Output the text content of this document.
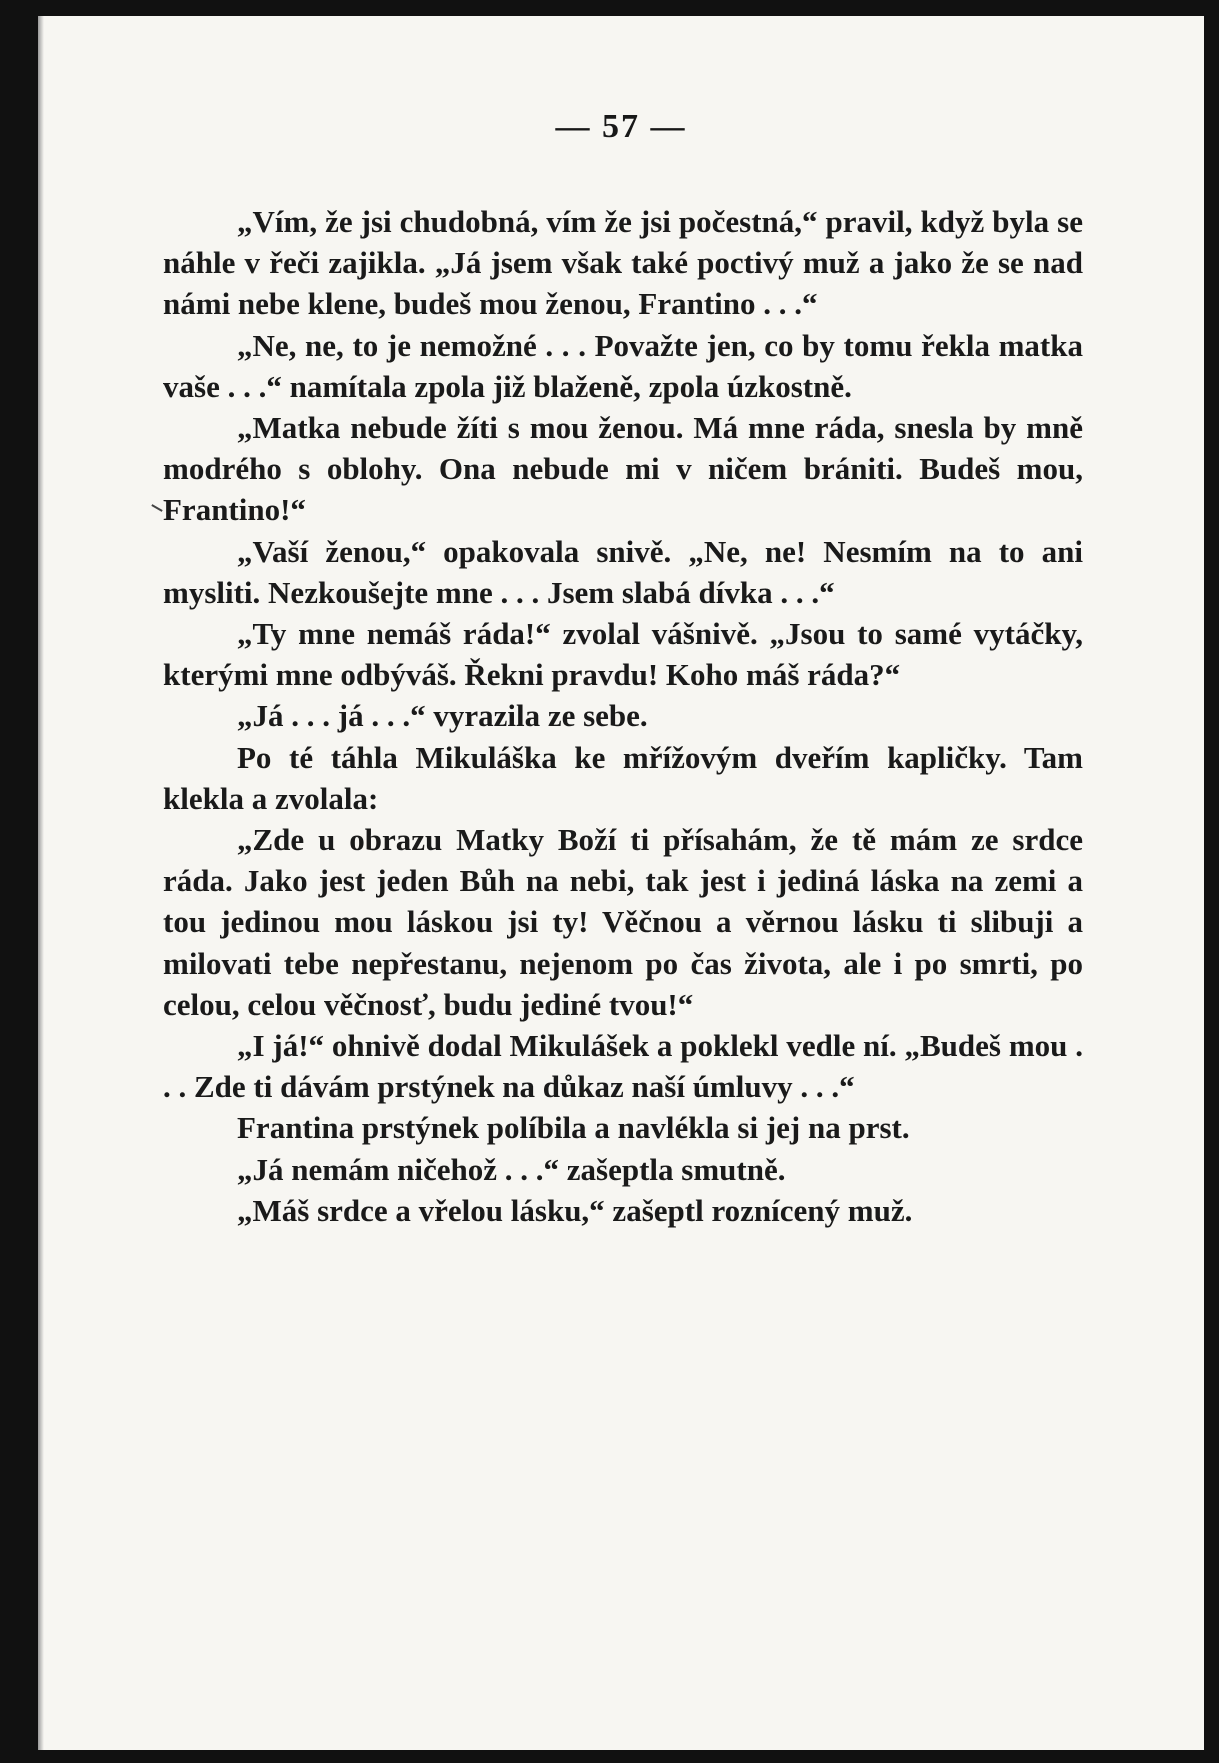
— 57 —

„Vím, že jsi chudobná, vím že jsi počestná,“ pravil, když byla se náhle v řeči zajikla. „Já jsem však také poctivý muž a jako že se nad námi nebe klene, budeš mou ženou, Frantino . . .“

„Ne, ne, to je nemožné . . . Považte jen, co by tomu řekla matka vaše . . .“ namítala zpola již blaženě, zpola úzkostně.

„Matka nebude žíti s mou ženou. Má mne ráda, snesla by mně modrého s oblohy. Ona nebude mi v ničem brániti. Budeš mou, Frantino!“

„Vaší ženou,“ opakovala snivě. „Ne, ne! Nesmím na to ani mysliti. Nezkoušejte mne . . . Jsem slabá dívka . . .“

„Ty mne nemáš ráda!“ zvolal vášnivě. „Jsou to samé vytáčky, kterými mne odbýváš. Řekni pravdu! Koho máš ráda?“

„Já . . . já . . .“ vyrazila ze sebe.

Po té táhla Mikuláška ke mřížovým dveřím kapličky. Tam klekla a zvolala:

„Zde u obrazu Matky Boží ti přísahám, že tě mám ze srdce ráda. Jako jest jeden Bůh na nebi, tak jest i jediná láska na zemi a tou jedinou mou láskou jsi ty! Věčnou a věrnou lásku ti slibuji a milovati tebe nepřestanu, nejenom po čas života, ale i po smrti, po celou, celou věčnosť, budu jediné tvou!“

„I já!“ ohnivě dodal Mikulášek a poklekl vedle ní. „Budeš mou . . . Zde ti dávám prstýnek na důkaz naší úmluvy . . .“

Frantina prstýnek políbila a navlékla si jej na prst.

„Já nemám ničehož . . .“ zašeptla smutně.

„Máš srdce a vřelou lásku,“ zašeptl roznícený muž.
